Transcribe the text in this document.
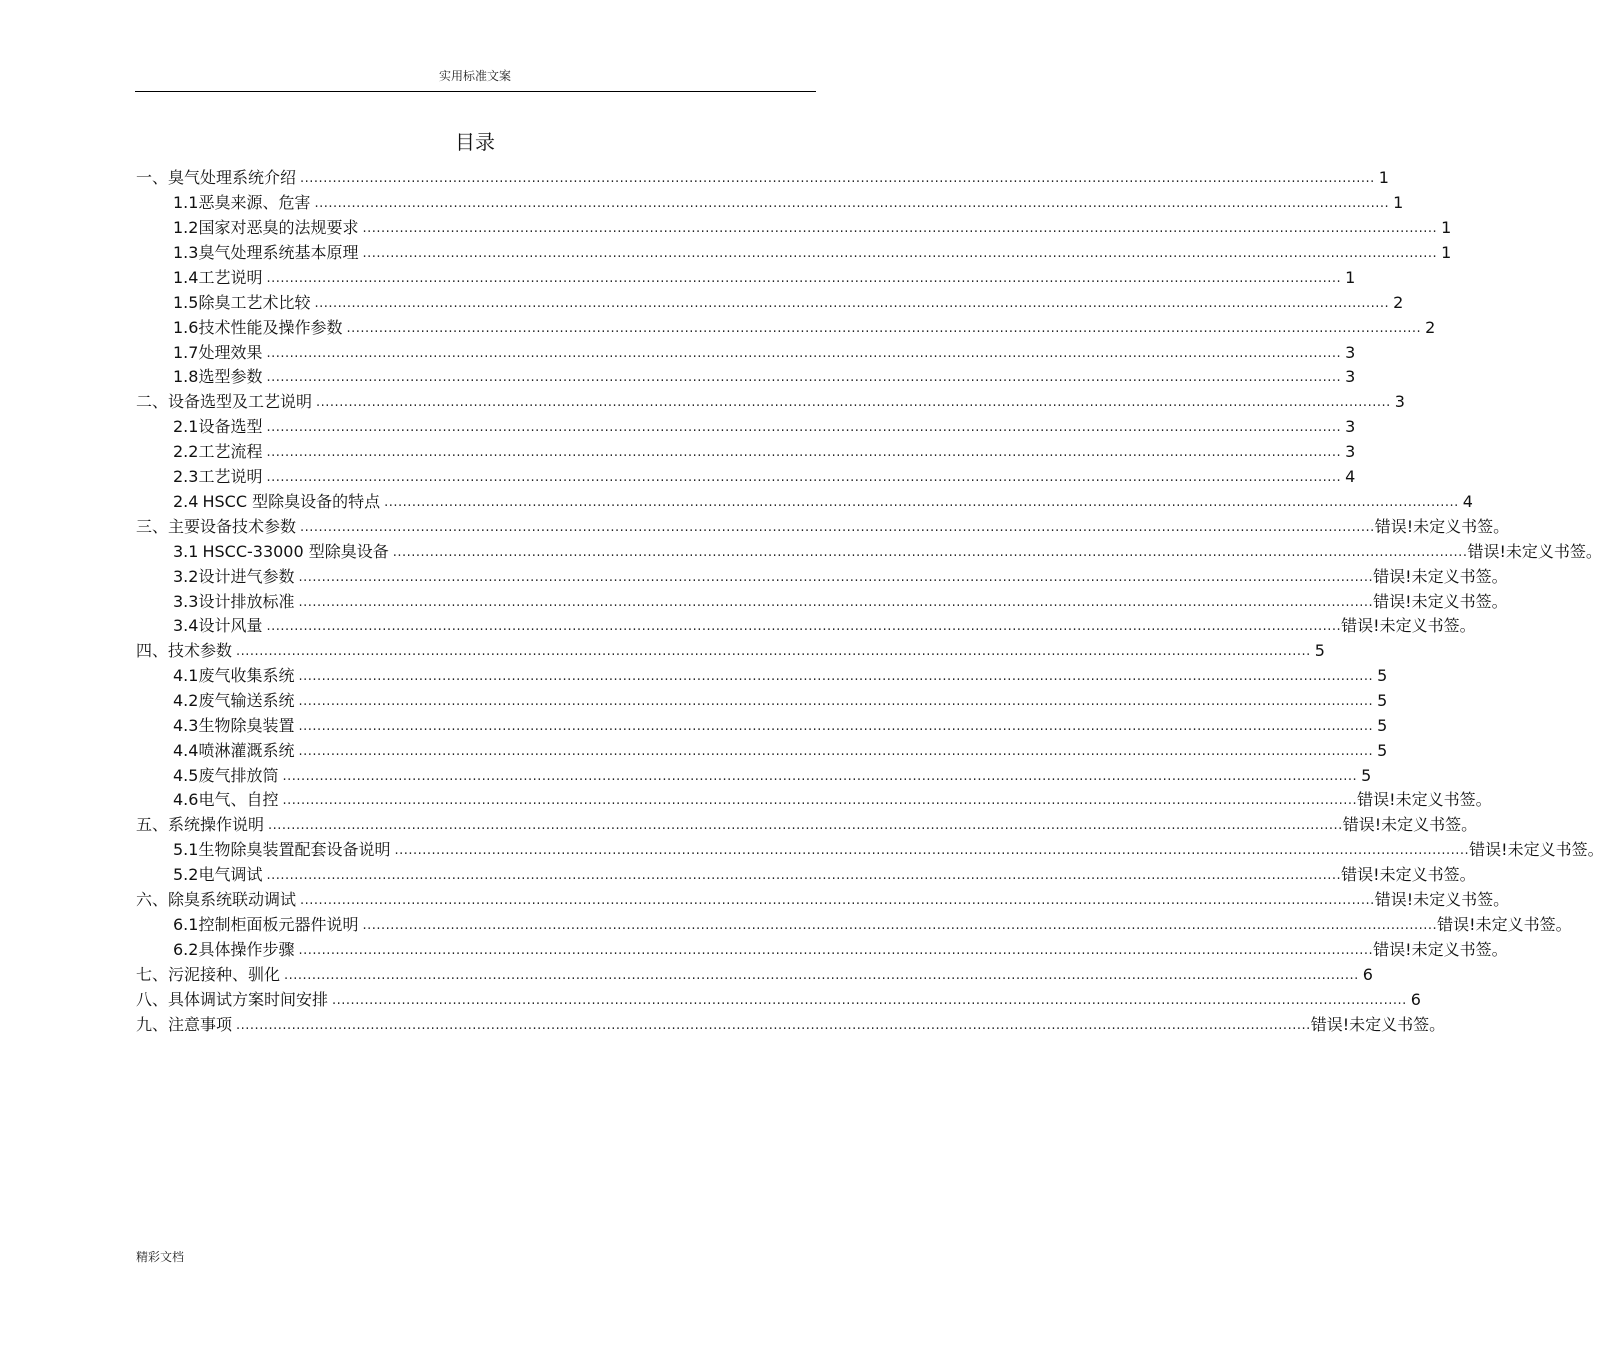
实用标准文案
目录
一、 臭气处理系统介绍 ........................................................................................................................................................................................................................................ 1
1.1 恶臭来源、危害 ........................................................................................................................................................................................................................................ 1
1.2 国家对恶臭的法规要求 ........................................................................................................................................................................................................................................ 1
1.3 臭气处理系统基本原理 ........................................................................................................................................................................................................................................ 1
1.4 工艺说明 ........................................................................................................................................................................................................................................ 1
1.5 除臭工艺术比较 ........................................................................................................................................................................................................................................ 2
1.6 技术性能及操作参数 ........................................................................................................................................................................................................................................ 2
1.7 处理效果 ........................................................................................................................................................................................................................................ 3
1.8 选型参数 ........................................................................................................................................................................................................................................ 3
二、 设备选型及工艺说明 ........................................................................................................................................................................................................................................ 3
2.1 设备选型 ........................................................................................................................................................................................................................................ 3
2.2 工艺流程 ........................................................................................................................................................................................................................................ 3
2.3 工艺说明 ........................................................................................................................................................................................................................................ 4
2.4 HSCC 型除臭设备的特点 ........................................................................................................................................................................................................................................ 4
三、 主要设备技术参数 ........................................................................................................................................................................................................................................ 错误!未定义书签。
3.1 HSCC-33000 型除臭设备 ........................................................................................................................................................................................................................................ 错误!未定义书签。
3.2 设计进气参数 ........................................................................................................................................................................................................................................ 错误!未定义书签。
3.3 设计排放标准 ........................................................................................................................................................................................................................................ 错误!未定义书签。
3.4 设计风量 ........................................................................................................................................................................................................................................ 错误!未定义书签。
四、 技术参数 ........................................................................................................................................................................................................................................ 5
4.1 废气收集系统 ........................................................................................................................................................................................................................................ 5
4.2 废气输送系统 ........................................................................................................................................................................................................................................ 5
4.3 生物除臭装置 ........................................................................................................................................................................................................................................ 5
4.4 喷淋灌溉系统 ........................................................................................................................................................................................................................................ 5
4.5 废气排放筒 ........................................................................................................................................................................................................................................ 5
4.6 电气、自控 ........................................................................................................................................................................................................................................ 错误!未定义书签。
五、 系统操作说明 ........................................................................................................................................................................................................................................ 错误!未定义书签。
5.1 生物除臭装置配套设备说明 ........................................................................................................................................................................................................................................ 错误!未定义书签。
5.2 电气调试 ........................................................................................................................................................................................................................................ 错误!未定义书签。
六、 除臭系统联动调试 ........................................................................................................................................................................................................................................ 错误!未定义书签。
6.1 控制柜面板元器件说明 ........................................................................................................................................................................................................................................ 错误!未定义书签。
6.2 具体操作步骤 ........................................................................................................................................................................................................................................ 错误!未定义书签。
七、 污泥接种、驯化 ........................................................................................................................................................................................................................................ 6
八、 具体调试方案时间安排 ........................................................................................................................................................................................................................................ 6
九、 注意事项 ........................................................................................................................................................................................................................................ 错误!未定义书签。
精彩文档
